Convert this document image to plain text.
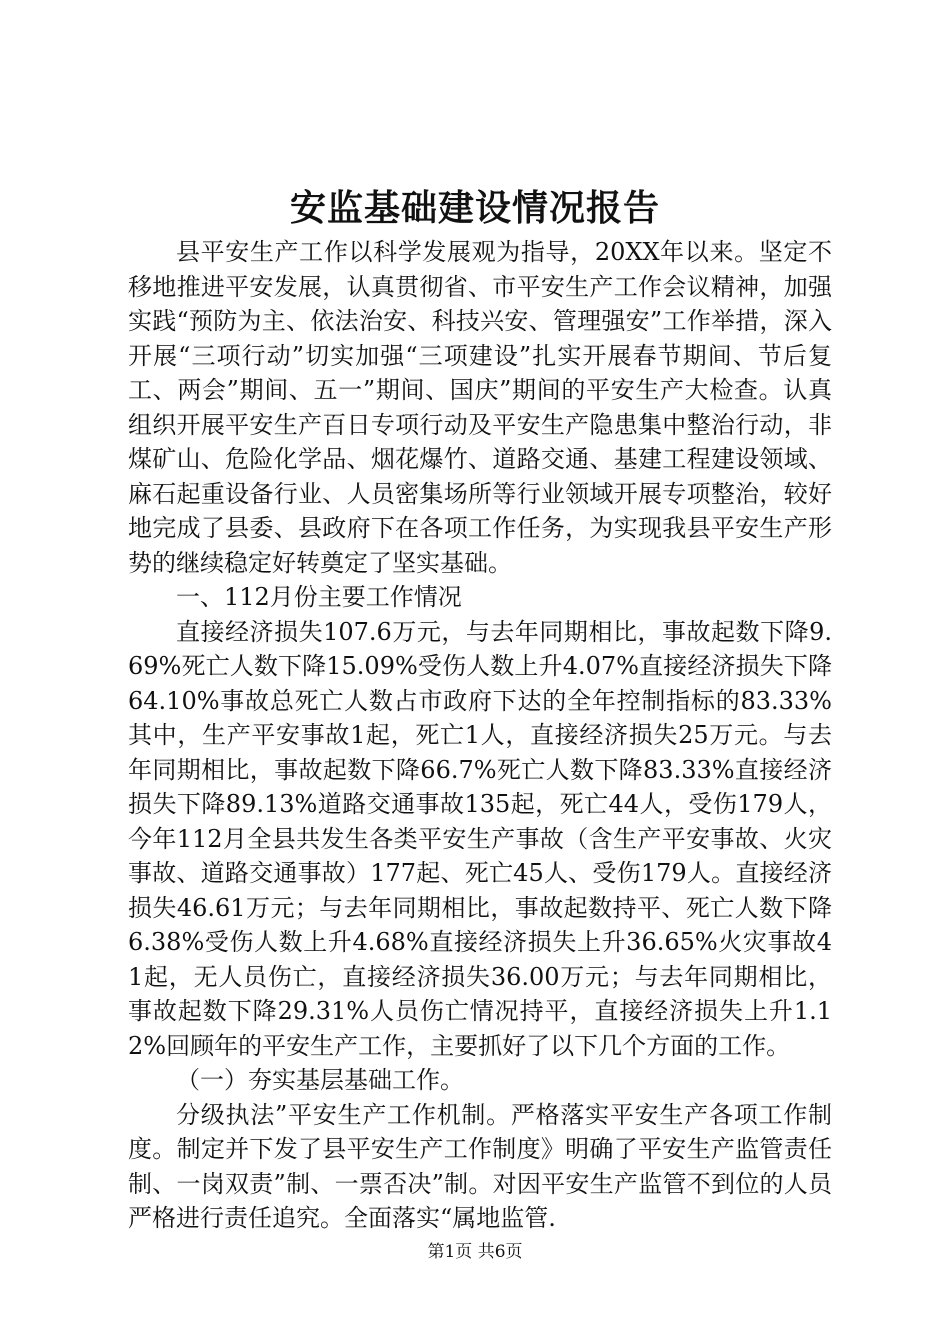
安监基础建设情况报告

县平安生产工作以科学发展观为指导，20XX年以来。坚定不移地推进平安发展，认真贯彻省、市平安生产工作会议精神，加强实践“预防为主、依法治安、科技兴安、管理强安”工作举措，深入开展“三项行动”切实加强“三项建设”扎实开展春节期间、节后复工、两会”期间、五一”期间、国庆”期间的平安生产大检查。认真组织开展平安生产百日专项行动及平安生产隐患集中整治行动，非煤矿山、危险化学品、烟花爆竹、道路交通、基建工程建设领域、麻石起重设备行业、人员密集场所等行业领域开展专项整治，较好地完成了县委、县政府下在各项工作任务，为实现我县平安生产形势的继续稳定好转奠定了坚实基础。

一、112月份主要工作情况

直接经济损失107.6万元，与去年同期相比，事故起数下降9.69%死亡人数下降15.09%受伤人数上升4.07%直接经济损失下降64.10%事故总死亡人数占市政府下达的全年控制指标的83.33%其中，生产平安事故1起，死亡1人，直接经济损失25万元。与去年同期相比，事故起数下降66.7%死亡人数下降83.33%直接经济损失下降89.13%道路交通事故135起，死亡44人，受伤179人，今年112月全县共发生各类平安生产事故（含生产平安事故、火灾事故、道路交通事故）177起、死亡45人、受伤179人。直接经济损失46.61万元；与去年同期相比，事故起数持平、死亡人数下降6.38%受伤人数上升4.68%直接经济损失上升36.65%火灾事故41起，无人员伤亡，直接经济损失36.00万元；与去年同期相比，事故起数下降29.31%人员伤亡情况持平，直接经济损失上升1.12%回顾年的平安生产工作，主要抓好了以下几个方面的工作。

（一）夯实基层基础工作。

分级执法”平安生产工作机制。严格落实平安生产各项工作制度。制定并下发了县平安生产工作制度》明确了平安生产监管责任制、一岗双责”制、一票否决”制。对因平安生产监管不到位的人员严格进行责任追究。全面落实“属地监管.

第1页 共6页
